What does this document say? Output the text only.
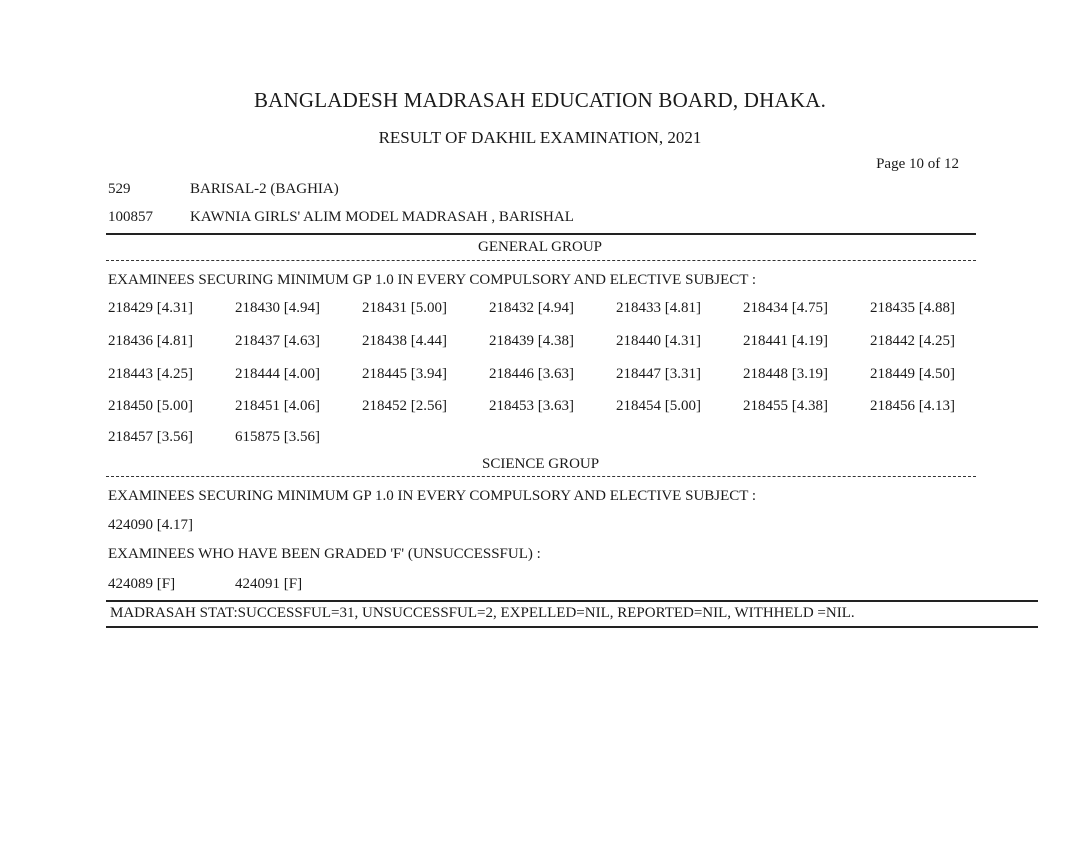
BANGLADESH MADRASAH EDUCATION BOARD, DHAKA.
RESULT OF DAKHIL EXAMINATION, 2021
Page 10 of 12
529	BARISAL-2 (BAGHIA)
100857 KAWNIA GIRLS' ALIM MODEL MADRASAH , BARISHAL
GENERAL GROUP
EXAMINEES SECURING MINIMUM GP 1.0 IN EVERY COMPULSORY AND ELECTIVE SUBJECT :
218429 [4.31]	218430 [4.94]	218431 [5.00]	218432 [4.94]	218433 [4.81]	218434 [4.75]	218435 [4.88]
218436 [4.81]	218437 [4.63]	218438 [4.44]	218439 [4.38]	218440 [4.31]	218441 [4.19]	218442 [4.25]
218443 [4.25]	218444 [4.00]	218445 [3.94]	218446 [3.63]	218447 [3.31]	218448 [3.19]	218449 [4.50]
218450 [5.00]	218451 [4.06]	218452 [2.56]	218453 [3.63]	218454 [5.00]	218455 [4.38]	218456 [4.13]
218457 [3.56]	615875 [3.56]
SCIENCE GROUP
EXAMINEES SECURING MINIMUM GP 1.0 IN EVERY COMPULSORY AND ELECTIVE SUBJECT :
424090 [4.17]
EXAMINEES WHO HAVE BEEN GRADED 'F' (UNSUCCESSFUL) :
424089 [F]	424091 [F]
MADRASAH STAT:SUCCESSFUL=31, UNSUCCESSFUL=2, EXPELLED=NIL, REPORTED=NIL, WITHHELD =NIL.
